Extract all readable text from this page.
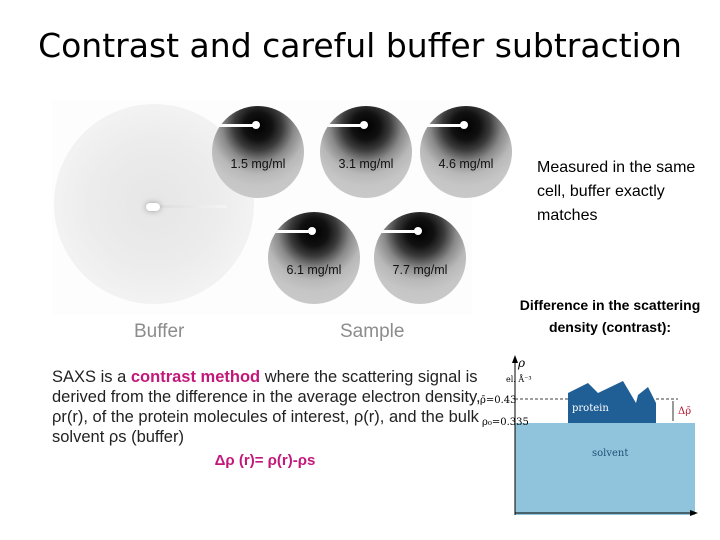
Contrast and careful buffer subtraction
1.5 mg/ml	3.1 mg/ml	4.6 mg/ml
6.1 mg/ml	7.7 mg/ml
Buffer	Sample
Measured in the same cell, buffer exactly matches
Difference in the scattering density (contrast):
SAXS is a contrast method where the scattering signal is derived from the difference in the average electron density, ρr(r), of the protein molecules of interest, ρ(r), and the bulk solvent ρs (buffer)
Δρ (r)= ρ(r)-ρs
ρ
el. Å⁻³
ρ̄=0.43
ρ₀=0.335
protein
solvent
Δρ̄
